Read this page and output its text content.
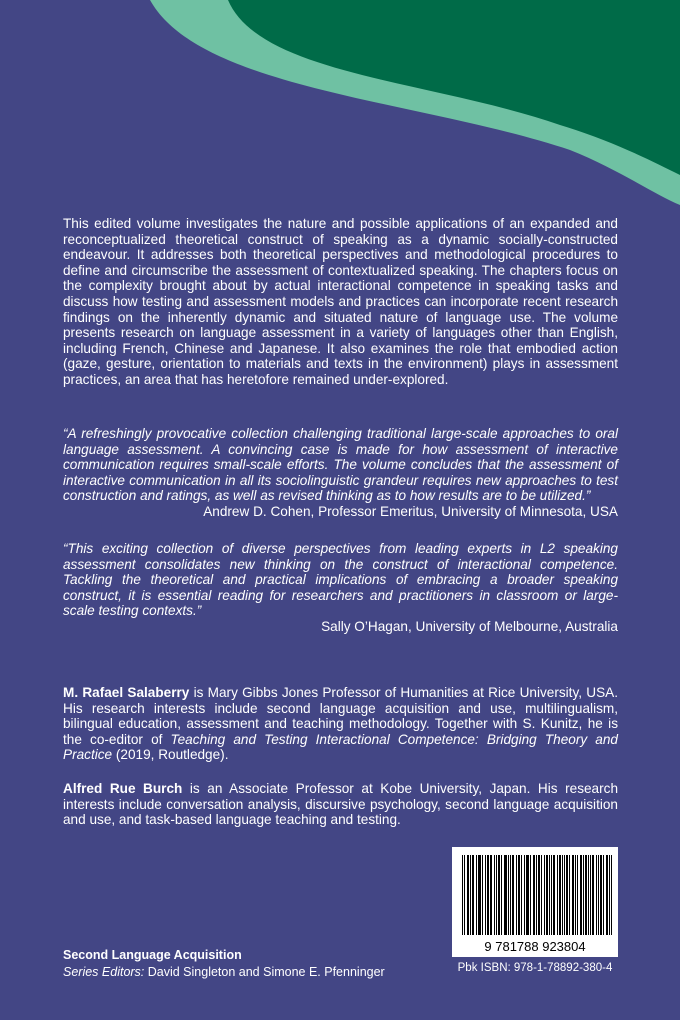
This edited volume investigates the nature and possible applications of an expanded and reconceptualized theoretical construct of speaking as a dynamic socially-constructed endeavour. It addresses both theoretical perspectives and methodological procedures to define and circumscribe the assessment of contextualized speaking. The chapters focus on the complexity brought about by actual interactional competence in speaking tasks and discuss how testing and assessment models and practices can incorporate recent research findings on the inherently dynamic and situated nature of language use. The volume presents research on language assessment in a variety of languages other than English, including French, Chinese and Japanese. It also examines the role that embodied action (gaze, gesture, orientation to materials and texts in the environment) plays in assessment practices, an area that has heretofore remained under-explored.
“A refreshingly provocative collection challenging traditional large-scale approaches to oral language assessment. A convincing case is made for how assessment of interactive communication requires small-scale efforts. The volume concludes that the assessment of interactive communication in all its sociolinguistic grandeur requires new approaches to test construction and ratings, as well as revised thinking as to how results are to be utilized.”
Andrew D. Cohen, Professor Emeritus, University of Minnesota, USA
“This exciting collection of diverse perspectives from leading experts in L2 speaking assessment consolidates new thinking on the construct of interactional competence. Tackling the theoretical and practical implications of embracing a broader speaking construct, it is essential reading for researchers and practitioners in classroom or large-scale testing contexts.”
Sally O’Hagan, University of Melbourne, Australia
M. Rafael Salaberry is Mary Gibbs Jones Professor of Humanities at Rice University, USA. His research interests include second language acquisition and use, multilingualism, bilingual education, assessment and teaching methodology. Together with S. Kunitz, he is the co-editor of Teaching and Testing Interactional Competence: Bridging Theory and Practice (2019, Routledge).
Alfred Rue Burch is an Associate Professor at Kobe University, Japan. His research interests include conversation analysis, discursive psychology, second language acquisition and use, and task-based language teaching and testing.
Second Language Acquisition
Series Editors: David Singleton and Simone E. Pfenninger
9 781788 923804
Pbk ISBN: 978-1-78892-380-4
